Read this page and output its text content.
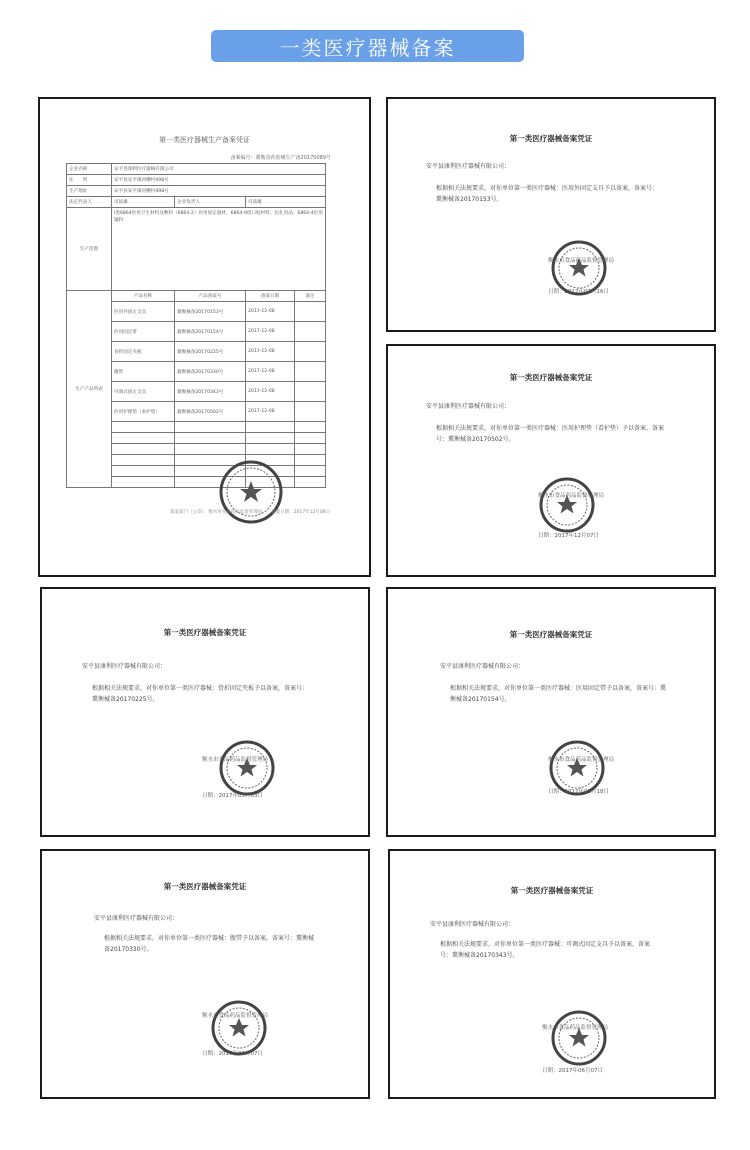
一类医疗器械备案
第一类医疗器械生产备案凭证
备案编号：冀衡食药监械生产备20170089号
企业名称	安平县康利医疗器械有限公司			
住　　所	安平县安平镇河槽村498号			
生产地址	安平县安平镇河槽村498号			
法定代表人	司战雄	企业负责人	司战雄	
生产范围	Ⅰ类6864医用卫生材料及敷料（6864-2）医用固定器材，6864-9创口贴材料、包扎用品；6864-4医用辅料			
生产产品列表	产品名称	产品备案号	备案日期	备注
	医用外固定支具	冀衡械备20170153号	2017-12-08	
	医用固定带	冀衡械备20170154号	2017-12-08	
	骨折固定夹板	冀衡械备20170225号	2017-12-08	
	腹带	冀衡械备20170330号	2017-12-08	
	可调式固定支具	冀衡械备20170343号	2017-12-08	
	医用护理垫（看护垫）	冀衡械备20170502号	2017-12-08	

备案部门（公章）：衡水市食品药品监督管理局　　备案日期：2017年12月08日
第一类医疗器械备案凭证
安平县康利医疗器械有限公司：
根据相关法规要求，对你单位第一类医疗器械：医用外固定支具予以备案，备案号：冀衡械备20170153号。
衡水市食品药品监督管理局
日期：2017年01月16日
第一类医疗器械备案凭证
安平县康利医疗器械有限公司：
根据相关法规要求，对你单位第一类医疗器械：医用护理垫（看护垫）予以备案，备案号：冀衡械备20170502号。
衡水市食品药品监督管理局
日期：2017年12月07日
第一类医疗器械备案凭证
安平县康利医疗器械有限公司：
根据相关法规要求，对你单位第一类医疗器械：骨折固定夹板予以备案，备案号：冀衡械备20170225号。
衡水市食品药品监督管理局
日期：2017年05月03日
第一类医疗器械备案凭证
安平县康利医疗器械有限公司：
根据相关法规要求，对你单位第一类医疗器械：医用固定带予以备案，备案号：冀衡械备20170154号。
衡水市食品药品监督管理局
日期：2017年01月18日
第一类医疗器械备案凭证
安平县康利医疗器械有限公司：
根据相关法规要求，对你单位第一类医疗器械：腹带予以备案，备案号：冀衡械备20170330号。
衡水市食品药品监督管理局
日期：2017年06月07日
第一类医疗器械备案凭证
安平县康利医疗器械有限公司：
根据相关法规要求，对你单位第一类医疗器械：可调式固定支具予以备案，备案号：冀衡械备20170343号。
衡水市食品药品监督管理局
日期：2017年06月07日
